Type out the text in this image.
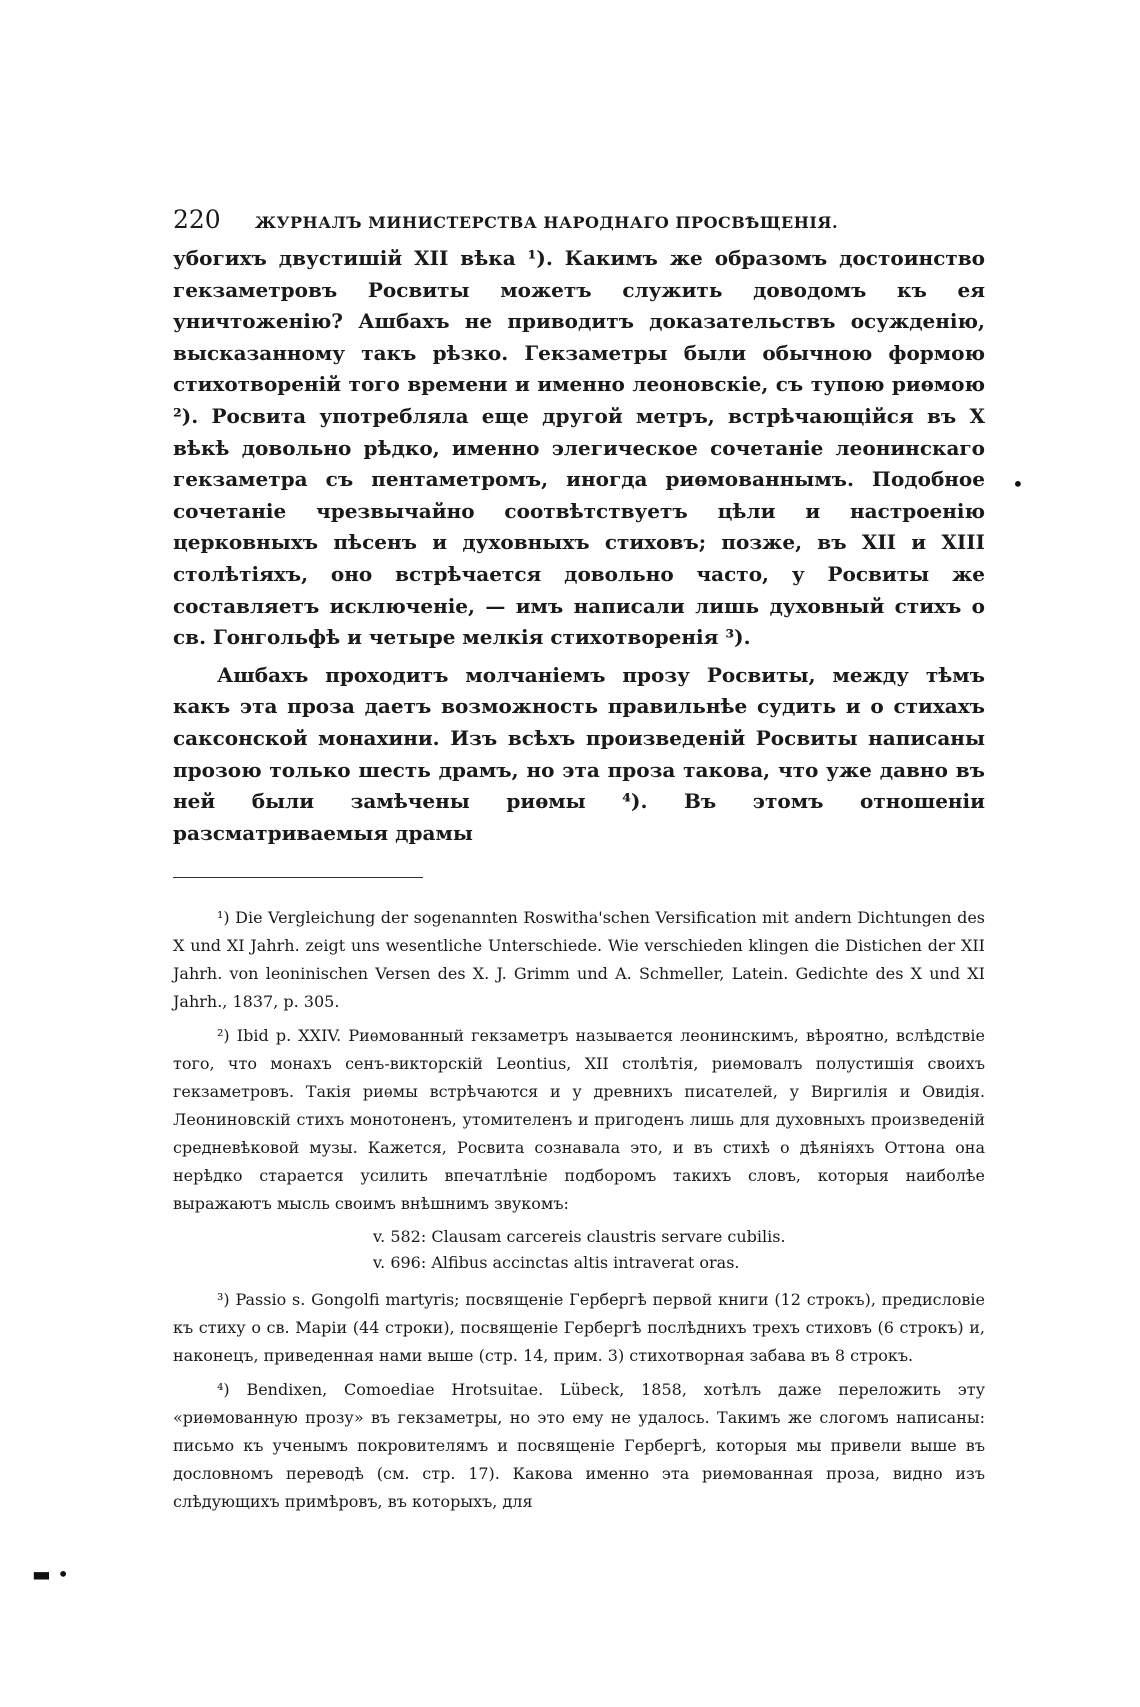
220	ЖУРНАЛЪ МИНИСТЕРСТВА НАРОДНАГО ПРОСВѢЩЕНІЯ.

убогихъ двустишій XII вѣка ¹). Какимъ же образомъ достоинство гекзаметровъ Росвиты можетъ служить доводомъ къ ея уничтоженію? Ашбахъ не приводитъ доказательствъ осужденію, высказанному такъ рѣзко. Гекзаметры были обычною формою стихотвореній того времени и именно леоновскіе, съ тупою риѳмою ²). Росвита употребляла еще другой метръ, встрѣчающійся въ X вѣкѣ довольно рѣдко, именно элегическое сочетаніе леонинскаго гекзаметра съ пентаметромъ, иногда риѳмованнымъ. Подобное сочетаніе чрезвычайно соотвѣтствуетъ цѣли и настроенію церковныхъ пѣсенъ и духовныхъ стиховъ; позже, въ XII и XIII столѣтіяхъ, оно встрѣчается довольно часто, у Росвиты же составляетъ исключеніе, — имъ написали лишь духовный стихъ о св. Гонгольфѣ и четыре мелкія стихотворенія ³).

Ашбахъ проходитъ молчаніемъ прозу Росвиты, между тѣмъ какъ эта проза даетъ возможность правильнѣе судить и о стихахъ саксонской монахини. Изъ всѣхъ произведеній Росвиты написаны прозою только шесть драмъ, но эта проза такова, что уже давно въ ней были замѣчены риѳмы ⁴). Въ этомъ отношеніи разсматриваемыя драмы

¹) Die Vergleichung der sogenannten Roswitha'schen Versification mit andern Dichtungen des X und XI Jahrh. zeigt uns wesentliche Unterschiede. Wie verschieden klingen die Distichen der XII Jahrh. von leoninischen Versen des X. J. Grimm und A. Schmeller, Latein. Gedichte des X und XI Jahrh., 1837, p. 305.

²) Ibid p. XXIV. Риѳмованный гекзаметръ называется леонинскимъ, вѣроятно, вслѣдствіе того, что монахъ сенъ-викторскій Leontius, XII столѣтія, риѳмовалъ полустишія своихъ гекзаметровъ. Такія риѳмы встрѣчаются и у древнихъ писателей, у Виргилія и Овидія. Леониновскій стихъ монотоненъ, утомителенъ и пригоденъ лишь для духовныхъ произведеній средневѣковой музы. Кажется, Росвита сознавала это, и въ стихѣ о дѣяніяхъ Оттона она нерѣдко старается усилить впечатлѣніе подборомъ такихъ словъ, которыя наиболѣе выражаютъ мысль своимъ внѣшнимъ звукомъ:

v. 582: Clausam carcereis claustris servare cubilis.
v. 696: Alfibus accinctas altis intraverat oras.

³) Passio s. Gongolfi martyris; посвященіе Гербергѣ первой книги (12 строкъ), предисловіе къ стиху о св. Маріи (44 строки), посвященіе Гербергѣ послѣднихъ трехъ стиховъ (6 строкъ) и, наконецъ, приведенная нами выше (стр. 14, прим. 3) стихотворная забава въ 8 строкъ.

⁴) Bendixen, Comoediae Hrotsuitae. Lübeck, 1858, хотѣлъ даже переложить эту «риѳмованную прозу» въ гекзаметры, но это ему не удалось. Такимъ же слогомъ написаны: письмо къ ученымъ покровителямъ и посвященіе Гербергѣ, которыя мы привели выше въ дословномъ переводѣ (см. стр. 17). Какова именно эта риѳмованная проза, видно изъ слѣдующихъ примѣровъ, въ которыхъ, для

•
▬ •
